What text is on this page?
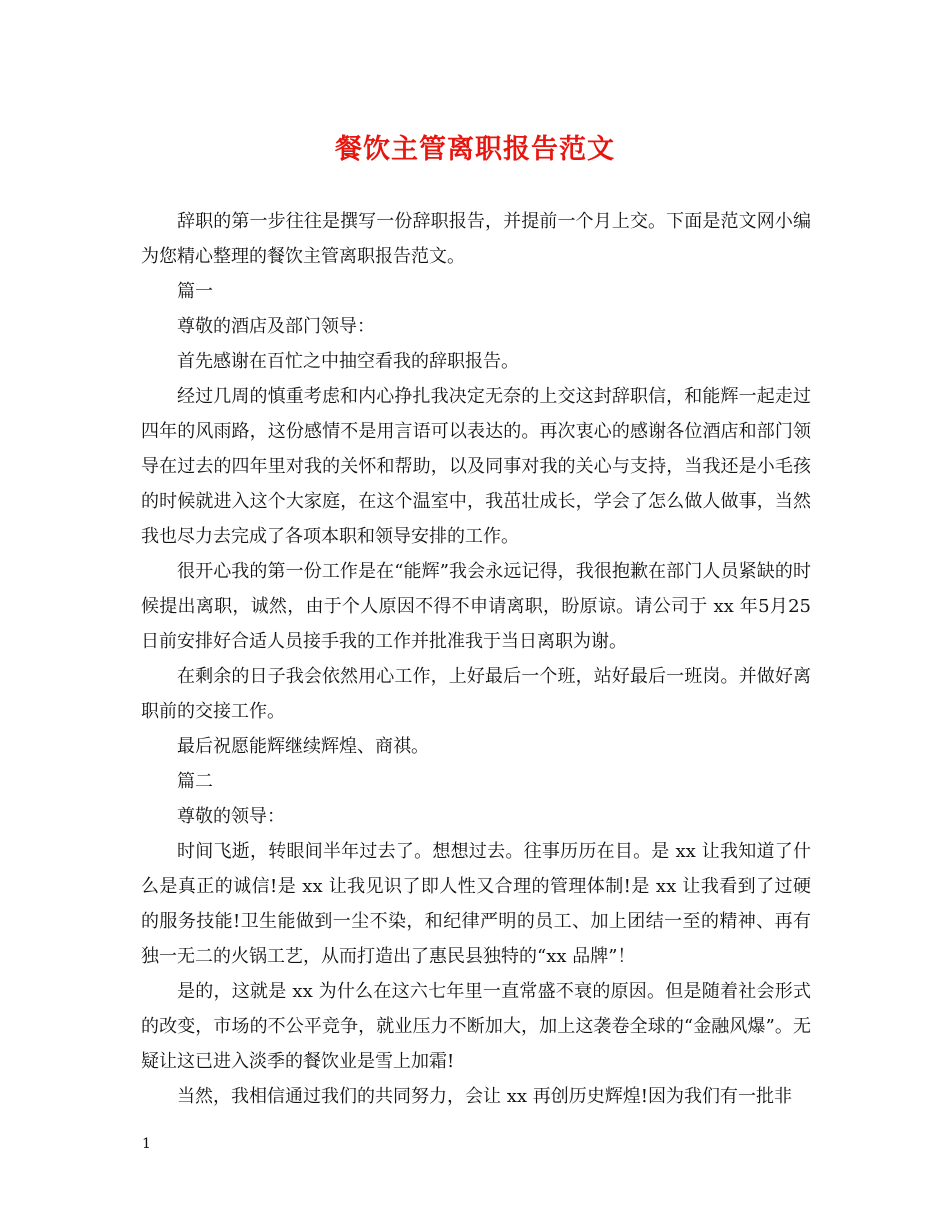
餐饮主管离职报告范文

辞职的第一步往往是撰写一份辞职报告，并提前一个月上交。下面是范文网小编为您精心整理的餐饮主管离职报告范文。

篇一

尊敬的酒店及部门领导：

首先感谢在百忙之中抽空看我的辞职报告。

经过几周的慎重考虑和内心挣扎我决定无奈的上交这封辞职信，和能辉一起走过四年的风雨路，这份感情不是用言语可以表达的。再次衷心的感谢各位酒店和部门领导在过去的四年里对我的关怀和帮助，以及同事对我的关心与支持，当我还是小毛孩的时候就进入这个大家庭，在这个温室中，我茁壮成长，学会了怎么做人做事，当然我也尽力去完成了各项本职和领导安排的工作。

很开心我的第一份工作是在“能辉”我会永远记得，我很抱歉在部门人员紧缺的时候提出离职，诚然，由于个人原因不得不申请离职，盼原谅。请公司于 xx 年5月25日前安排好合适人员接手我的工作并批准我于当日离职为谢。

在剩余的日子我会依然用心工作，上好最后一个班，站好最后一班岗。并做好离职前的交接工作。

最后祝愿能辉继续辉煌、商祺。

篇二

尊敬的领导：

时间飞逝，转眼间半年过去了。想想过去。往事历历在目。是 xx 让我知道了什么是真正的诚信!是 xx 让我见识了即人性又合理的管理体制!是 xx 让我看到了过硬的服务技能!卫生能做到一尘不染，和纪律严明的员工、加上团结一至的精神、再有独一无二的火锅工艺，从而打造出了惠民县独特的“xx 品牌”！

是的，这就是 xx 为什么在这六七年里一直常盛不衰的原因。但是随着社会形式的改变，市场的不公平竞争，就业压力不断加大，加上这袭卷全球的“金融风爆”。无疑让这已进入淡季的餐饮业是雪上加霜!

当然，我相信通过我们的共同努力，会让 xx 再创历史辉煌!因为我们有一批非

1
